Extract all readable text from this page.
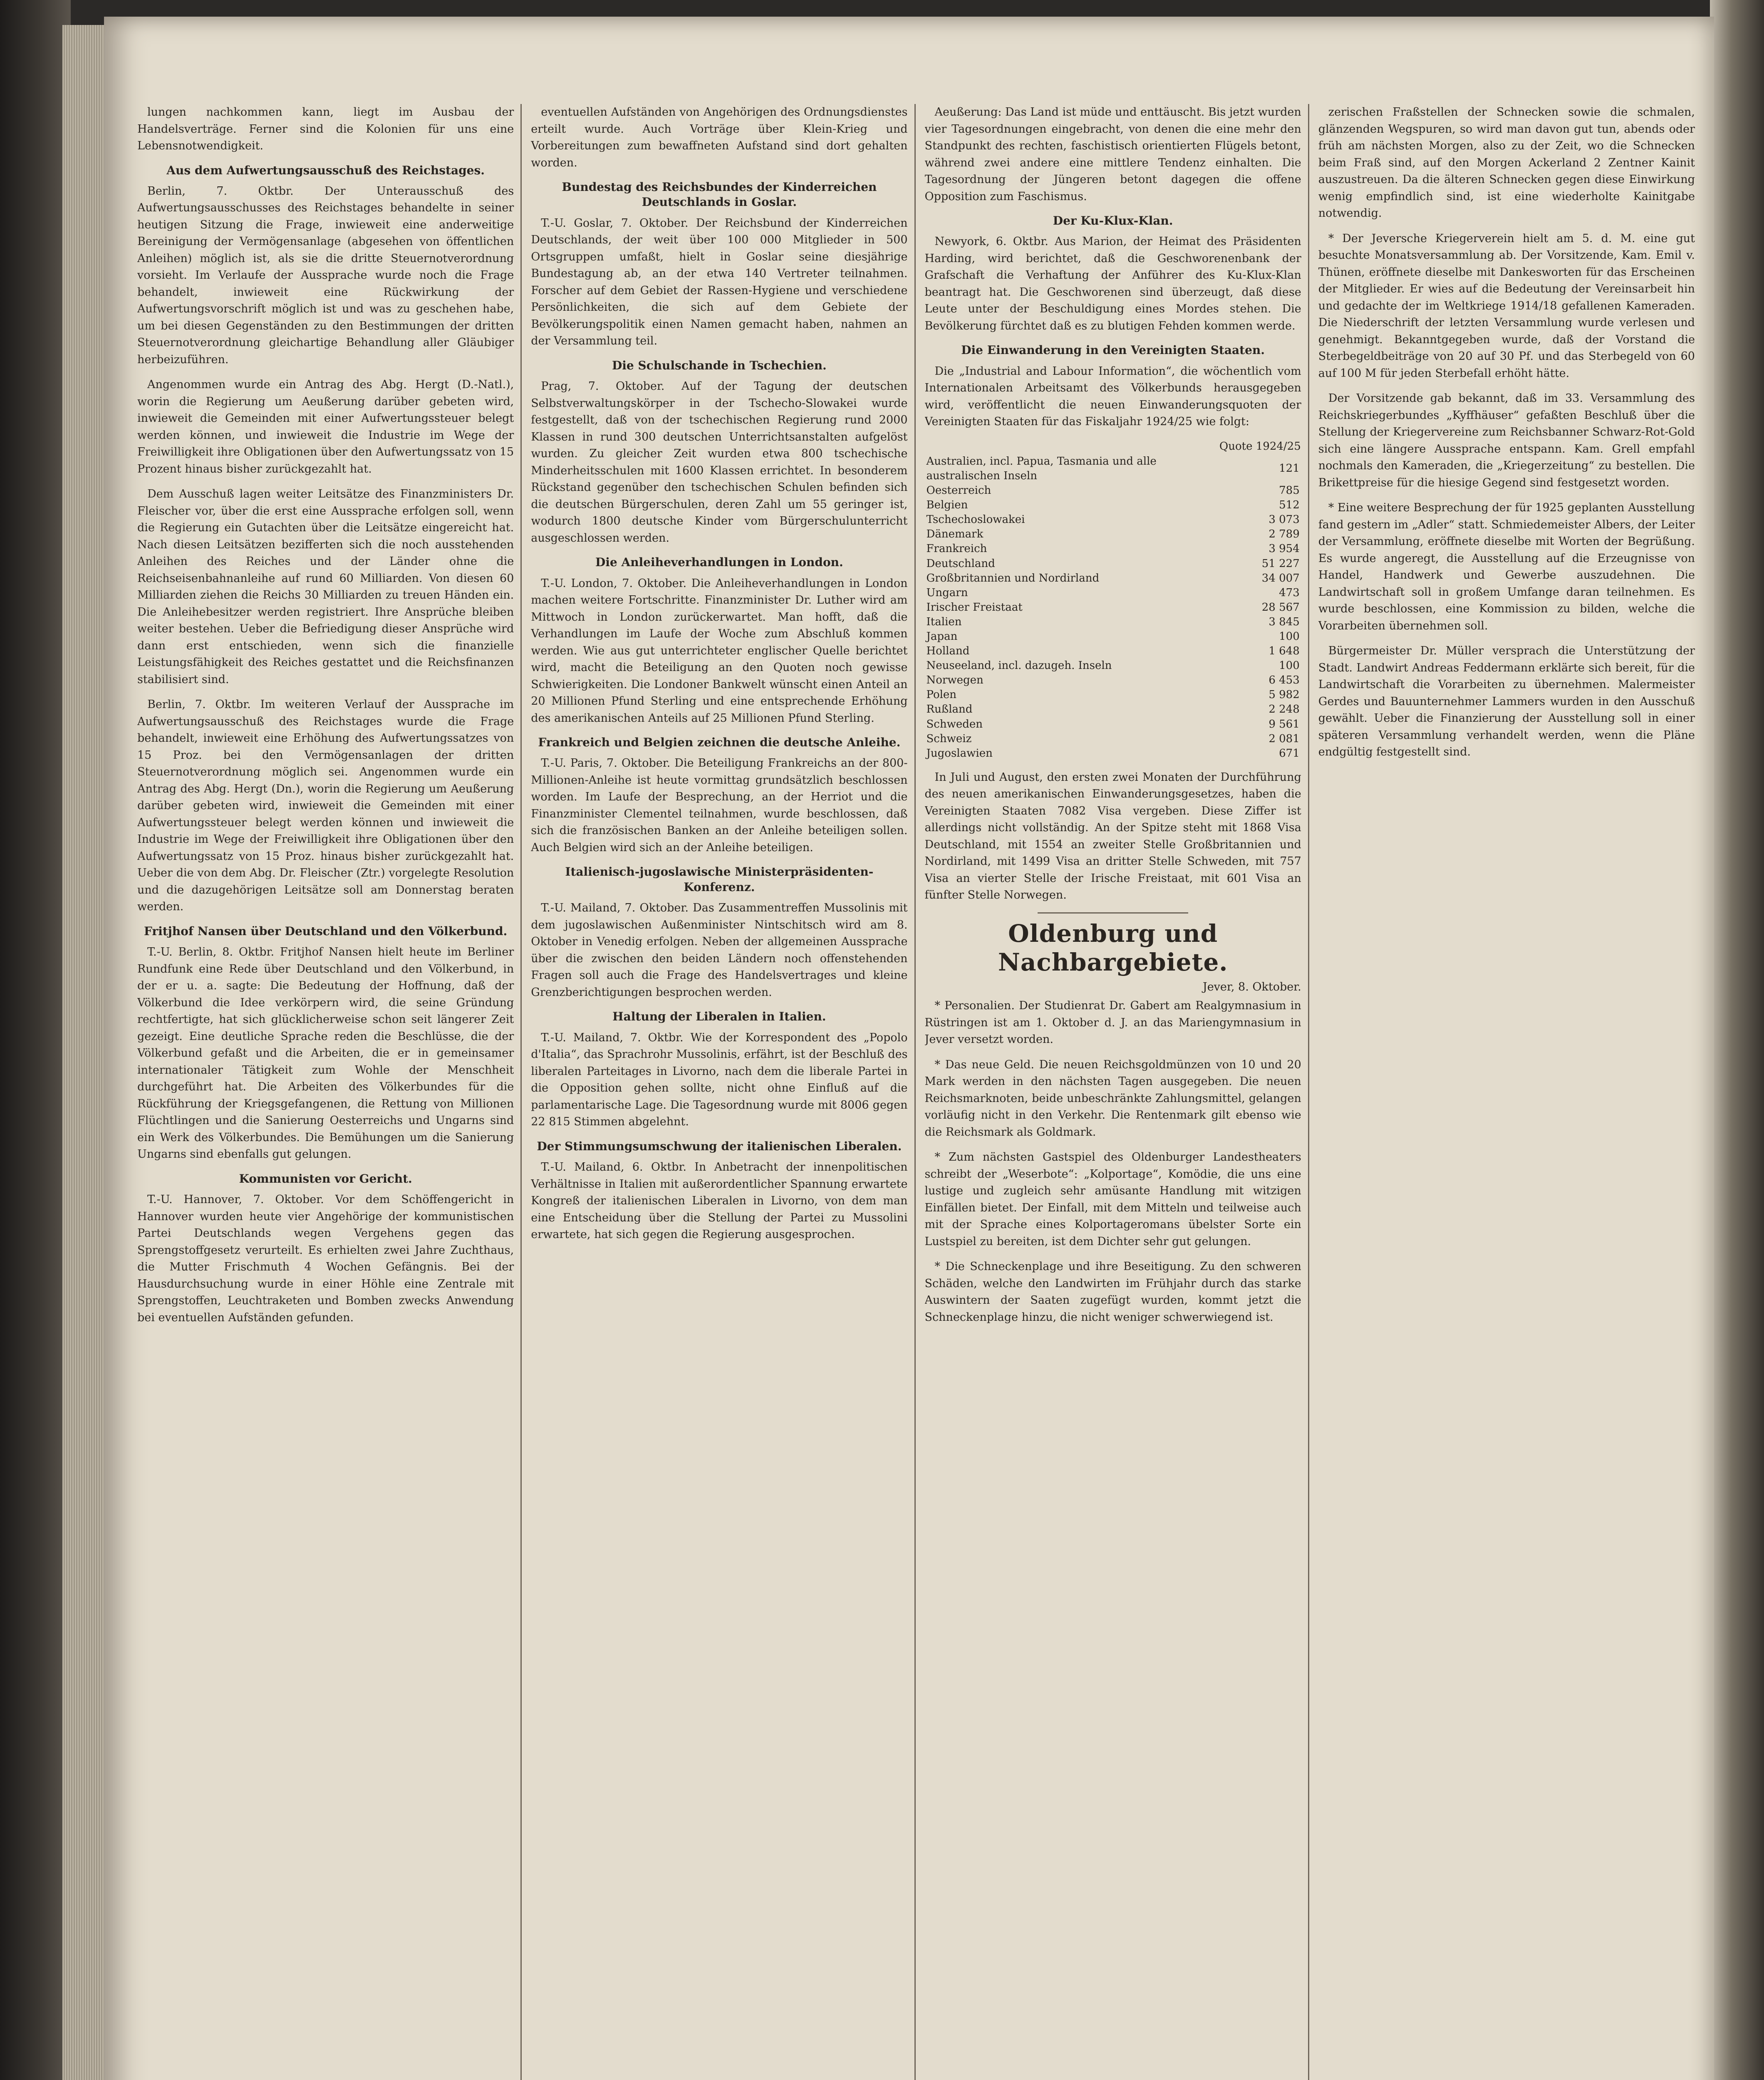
lungen nachkommen kann, liegt im Ausbau der Handelsverträge. Ferner sind die Kolonien für uns eine Lebensnotwendigkeit.

Aus dem Aufwertungsausschuß des Reichstages.

Berlin, 7. Oktbr. Der Unterausschuß des Aufwertungsausschusses des Reichstages behandelte in seiner heutigen Sitzung die Frage, inwieweit eine anderweitige Bereinigung der Vermögensanlage (abgesehen von öffentlichen Anleihen) möglich ist, als sie die dritte Steuernotverordnung vorsieht. Im Verlaufe der Aussprache wurde noch die Frage behandelt, inwieweit eine Rückwirkung der Aufwertungsvorschrift möglich ist und was zu geschehen habe, um bei diesen Gegenständen zu den Bestimmungen der dritten Steuernotverordnung gleichartige Behandlung aller Gläubiger herbeizuführen.

Angenommen wurde ein Antrag des Abg. Hergt (D.-Natl.), worin die Regierung um Aeußerung darüber gebeten wird, inwieweit die Gemeinden mit einer Aufwertungssteuer belegt werden können, und inwieweit die Industrie im Wege der Freiwilligkeit ihre Obligationen über den Aufwertungssatz von 15 Prozent hinaus bisher zurückgezahlt hat.

Dem Ausschuß lagen weiter Leitsätze des Finanzministers Dr. Fleischer vor, über die erst eine Aussprache erfolgen soll, wenn die Regierung ein Gutachten über die Leitsätze eingereicht hat. Nach diesen Leitsätzen bezifferten sich die noch ausstehenden Anleihen des Reiches und der Länder ohne die Reichseisenbahnanleihe auf rund 60 Milliarden. Von diesen 60 Milliarden ziehen die Reichs 30 Milliarden zu treuen Händen ein. Die Anleihebesitzer werden registriert. Ihre Ansprüche bleiben weiter bestehen. Ueber die Befriedigung dieser Ansprüche wird dann erst entschieden, wenn sich die finanzielle Leistungsfähigkeit des Reiches gestattet und die Reichsfinanzen stabilisiert sind.

Berlin, 7. Oktbr. Im weiteren Verlauf der Aussprache im Aufwertungsausschuß des Reichstages wurde die Frage behandelt, inwieweit eine Erhöhung des Aufwertungssatzes von 15 Proz. bei den Vermögensanlagen der dritten Steuernotverordnung möglich sei. Angenommen wurde ein Antrag des Abg. Hergt (Dn.), worin die Regierung um Aeußerung darüber gebeten wird, inwieweit die Gemeinden mit einer Aufwertungssteuer belegt werden können und inwieweit die Industrie im Wege der Freiwilligkeit ihre Obligationen über den Aufwertungssatz von 15 Proz. hinaus bisher zurückgezahlt hat. Ueber die von dem Abg. Dr. Fleischer (Ztr.) vorgelegte Resolution und die dazugehörigen Leitsätze soll am Donnerstag beraten werden.

Fritjhof Nansen über Deutschland und den Völkerbund.

T.-U. Berlin, 8. Oktbr. Fritjhof Nansen hielt heute im Berliner Rundfunk eine Rede über Deutschland und den Völkerbund, in der er u. a. sagte: Die Bedeutung der Hoffnung, daß der Völkerbund die Idee verkörpern wird, die seine Gründung rechtfertigte, hat sich glücklicherweise schon seit längerer Zeit gezeigt. Eine deutliche Sprache reden die Beschlüsse, die der Völkerbund gefaßt und die Arbeiten, die er in gemeinsamer internationaler Tätigkeit zum Wohle der Menschheit durchgeführt hat. Die Arbeiten des Völkerbundes für die Rückführung der Kriegsgefangenen, die Rettung von Millionen Flüchtlingen und die Sanierung Oesterreichs und Ungarns sind ein Werk des Völkerbundes. Die Bemühungen um die Sanierung Ungarns sind ebenfalls gut gelungen.

Kommunisten vor Gericht.

T.-U. Hannover, 7. Oktober. Vor dem Schöffengericht in Hannover wurden heute vier Angehörige der kommunistischen Partei Deutschlands wegen Vergehens gegen das Sprengstoffgesetz verurteilt. Es erhielten zwei Jahre Zuchthaus, die Mutter Frischmuth 4 Wochen Gefängnis. Bei der Hausdurchsuchung wurde in einer Höhle eine Zentrale mit Sprengstoffen, Leuchtraketen und Bomben zwecks Anwendung bei eventuellen Aufständen gefunden.

eventuellen Aufständen von Angehörigen des Ordnungsdienstes erteilt wurde. Auch Vorträge über Klein-Krieg und Vorbereitungen zum bewaffneten Aufstand sind dort gehalten worden.

Bundestag des Reichsbundes der Kinderreichen Deutschlands in Goslar.

T.-U. Goslar, 7. Oktober. Der Reichsbund der Kinderreichen Deutschlands, der weit über 100 000 Mitglieder in 500 Ortsgruppen umfaßt, hielt in Goslar seine diesjährige Bundestagung ab, an der etwa 140 Vertreter teilnahmen. Forscher auf dem Gebiet der Rassen-Hygiene und verschiedene Persönlichkeiten, die sich auf dem Gebiete der Bevölkerungspolitik einen Namen gemacht haben, nahmen an der Versammlung teil.

Die Schulschande in Tschechien.

Prag, 7. Oktober. Auf der Tagung der deutschen Selbstverwaltungskörper in der Tschecho-Slowakei wurde festgestellt, daß von der tschechischen Regierung rund 2000 Klassen in rund 300 deutschen Unterrichtsanstalten aufgelöst wurden. Zu gleicher Zeit wurden etwa 800 tschechische Minderheitsschulen mit 1600 Klassen errichtet. In besonderem Rückstand gegenüber den tschechischen Schulen befinden sich die deutschen Bürgerschulen, deren Zahl um 55 geringer ist, wodurch 1800 deutsche Kinder vom Bürgerschulunterricht ausgeschlossen werden.

Die Anleiheverhandlungen in London.

T.-U. London, 7. Oktober. Die Anleiheverhandlungen in London machen weitere Fortschritte. Finanzminister Dr. Luther wird am Mittwoch in London zurückerwartet. Man hofft, daß die Verhandlungen im Laufe der Woche zum Abschluß kommen werden. Wie aus gut unterrichteter englischer Quelle berichtet wird, macht die Beteiligung an den Quoten noch gewisse Schwierigkeiten. Die Londoner Bankwelt wünscht einen Anteil an 20 Millionen Pfund Sterling und eine entsprechende Erhöhung des amerikanischen Anteils auf 25 Millionen Pfund Sterling.

Frankreich und Belgien zeichnen die deutsche Anleihe.

T.-U. Paris, 7. Oktober. Die Beteiligung Frankreichs an der 800-Millionen-Anleihe ist heute vormittag grundsätzlich beschlossen worden. Im Laufe der Besprechung, an der Herriot und die Finanzminister Clementel teilnahmen, wurde beschlossen, daß sich die französischen Banken an der Anleihe beteiligen sollen. Auch Belgien wird sich an der Anleihe beteiligen.

Italienisch-jugoslawische Ministerpräsidenten-Konferenz.

T.-U. Mailand, 7. Oktober. Das Zusammentreffen Mussolinis mit dem jugoslawischen Außenminister Nintschitsch wird am 8. Oktober in Venedig erfolgen. Neben der allgemeinen Aussprache über die zwischen den beiden Ländern noch offenstehenden Fragen soll auch die Frage des Handelsvertrages und kleine Grenzberichtigungen besprochen werden.

Haltung der Liberalen in Italien.

T.-U. Mailand, 7. Oktbr. Wie der Korrespondent des „Popolo d'Italia“, das Sprachrohr Mussolinis, erfährt, ist der Beschluß des liberalen Parteitages in Livorno, nach dem die liberale Partei in die Opposition gehen sollte, nicht ohne Einfluß auf die parlamentarische Lage. Die Tagesordnung wurde mit 8006 gegen 22 815 Stimmen abgelehnt.

Der Stimmungsumschwung der italienischen Liberalen.

T.-U. Mailand, 6. Oktbr. In Anbetracht der innenpolitischen Verhältnisse in Italien mit außerordentlicher Spannung erwartete Kongreß der italienischen Liberalen in Livorno, von dem man eine Entscheidung über die Stellung der Partei zu Mussolini erwartete, hat sich gegen die Regierung ausgesprochen.

Aeußerung: Das Land ist müde und enttäuscht. Bis jetzt wurden vier Tagesordnungen eingebracht, von denen die eine mehr den Standpunkt des rechten, faschistisch orientierten Flügels betont, während zwei andere eine mittlere Tendenz einhalten. Die Tagesordnung der Jüngeren betont dagegen die offene Opposition zum Faschismus.

Der Ku-Klux-Klan.

Newyork, 6. Oktbr. Aus Marion, der Heimat des Präsidenten Harding, wird berichtet, daß die Geschworenenbank der Grafschaft die Verhaftung der Anführer des Ku-Klux-Klan beantragt hat. Die Geschworenen sind überzeugt, daß diese Leute unter der Beschuldigung eines Mordes stehen. Die Bevölkerung fürchtet daß es zu blutigen Fehden kommen werde.

Die Einwanderung in den Vereinigten Staaten.

Die „Industrial and Labour Information“, die wöchentlich vom Internationalen Arbeitsamt des Völkerbunds herausgegeben wird, veröffentlicht die neuen Einwanderungsquoten der Vereinigten Staaten für das Fiskaljahr 1924/25 wie folgt:

	Quote 1924/25
Australien, incl. Papua, Tasmania und alle australischen Inseln	121
Oesterreich	785
Belgien	512
Tschechoslowakei	3 073
Dänemark	2 789
Frankreich	3 954
Deutschland	51 227
Großbritannien und Nordirland	34 007
Ungarn	473
Irischer Freistaat	28 567
Italien	3 845
Japan	100
Holland	1 648
Neuseeland, incl. dazugeh. Inseln	100
Norwegen	6 453
Polen	5 982
Rußland	2 248
Schweden	9 561
Schweiz	2 081
Jugoslawien	671

In Juli und August, den ersten zwei Monaten der Durchführung des neuen amerikanischen Einwanderungsgesetzes, haben die Vereinigten Staaten 7082 Visa vergeben. Diese Ziffer ist allerdings nicht vollständig. An der Spitze steht mit 1868 Visa Deutschland, mit 1554 an zweiter Stelle Großbritannien und Nordirland, mit 1499 Visa an dritter Stelle Schweden, mit 757 Visa an vierter Stelle der Irische Freistaat, mit 601 Visa an fünfter Stelle Norwegen.

Oldenburg und Nachbargebiete.
Jever, 8. Oktober.

* Personalien. Der Studienrat Dr. Gabert am Realgymnasium in Rüstringen ist am 1. Oktober d. J. an das Mariengymnasium in Jever versetzt worden.

* Das neue Geld. Die neuen Reichsgoldmünzen von 10 und 20 Mark werden in den nächsten Tagen ausgegeben. Die neuen Reichsmarknoten, beide unbeschränkte Zahlungsmittel, gelangen vorläufig nicht in den Verkehr. Die Rentenmark gilt ebenso wie die Reichsmark als Goldmark.

* Zum nächsten Gastspiel des Oldenburger Landestheaters schreibt der „Weserbote“: „Kolportage“, Komödie, die uns eine lustige und zugleich sehr amüsante Handlung mit witzigen Einfällen bietet. Der Einfall, mit dem Mitteln und teilweise auch mit der Sprache eines Kolportageromans übelster Sorte ein Lustspiel zu bereiten, ist dem Dichter sehr gut gelungen.

* Die Schneckenplage und ihre Beseitigung. Zu den schweren Schäden, welche den Landwirten im Frühjahr durch das starke Auswintern der Saaten zugefügt wurden, kommt jetzt die Schneckenplage hinzu, die nicht weniger schwerwiegend ist.

zerischen Fraßstellen der Schnecken sowie die schmalen, glänzenden Wegspuren, so wird man davon gut tun, abends oder früh am nächsten Morgen, also zu der Zeit, wo die Schnecken beim Fraß sind, auf den Morgen Ackerland 2 Zentner Kainit auszustreuen. Da die älteren Schnecken gegen diese Einwirkung wenig empfindlich sind, ist eine wiederholte Kainitgabe notwendig.

* Der Jeversche Kriegerverein hielt am 5. d. M. eine gut besuchte Monatsversammlung ab. Der Vorsitzende, Kam. Emil v. Thünen, eröffnete dieselbe mit Dankesworten für das Erscheinen der Mitglieder. Er wies auf die Bedeutung der Vereinsarbeit hin und gedachte der im Weltkriege 1914/18 gefallenen Kameraden. Die Niederschrift der letzten Versammlung wurde verlesen und genehmigt. Bekanntgegeben wurde, daß der Vorstand die Sterbegeldbeiträge von 20 auf 30 Pf. und das Sterbegeld von 60 auf 100 M für jeden Sterbefall erhöht hätte.

Der Vorsitzende gab bekannt, daß im 33. Versammlung des Reichskriegerbundes „Kyffhäuser“ gefaßten Beschluß über die Stellung der Kriegervereine zum Reichsbanner Schwarz-Rot-Gold sich eine längere Aussprache entspann. Kam. Grell empfahl nochmals den Kameraden, die „Kriegerzeitung“ zu bestellen. Die Brikettpreise für die hiesige Gegend sind festgesetzt worden.

* Eine weitere Besprechung der für 1925 geplanten Ausstellung fand gestern im „Adler“ statt. Schmiedemeister Albers, der Leiter der Versammlung, eröffnete dieselbe mit Worten der Begrüßung. Es wurde angeregt, die Ausstellung auf die Erzeugnisse von Handel, Handwerk und Gewerbe auszudehnen. Die Landwirtschaft soll in großem Umfange daran teilnehmen. Es wurde beschlossen, eine Kommission zu bilden, welche die Vorarbeiten übernehmen soll.

Bürgermeister Dr. Müller versprach die Unterstützung der Stadt. Landwirt Andreas Feddermann erklärte sich bereit, für die Landwirtschaft die Vorarbeiten zu übernehmen. Malermeister Gerdes und Bauunternehmer Lammers wurden in den Ausschuß gewählt. Ueber die Finanzierung der Ausstellung soll in einer späteren Versammlung verhandelt werden, wenn die Pläne endgültig festgestellt sind.
